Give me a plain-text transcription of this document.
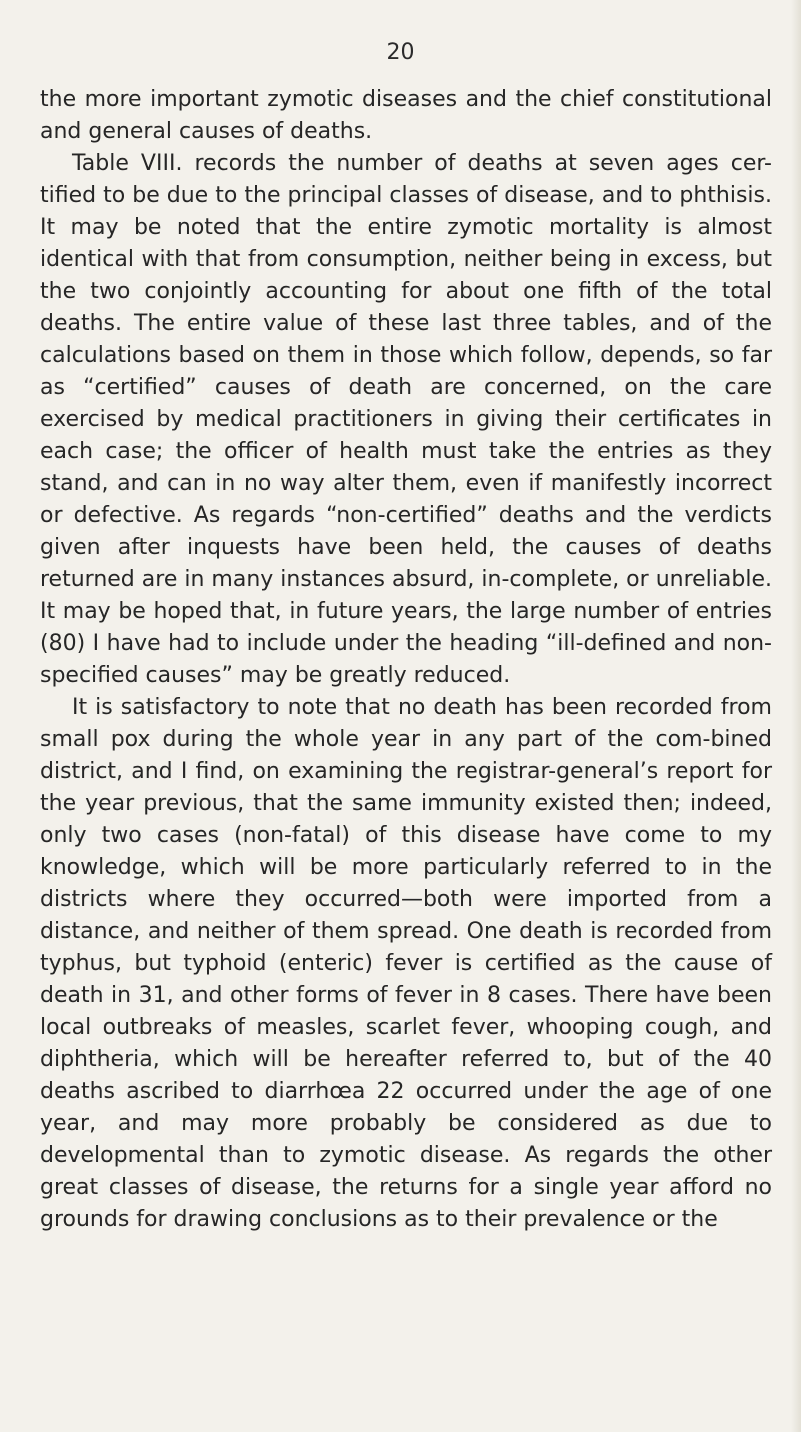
20

the more important zymotic diseases and the chief constitutional and general causes of deaths.

Table VIII. records the number of deaths at seven ages cer-tified to be due to the principal classes of disease, and to phthisis. It may be noted that the entire zymotic mortality is almost identical with that from consumption, neither being in excess, but the two conjointly accounting for about one fifth of the total deaths. The entire value of these last three tables, and of the calculations based on them in those which follow, depends, so far as “certified” causes of death are concerned, on the care exercised by medical practitioners in giving their certificates in each case; the officer of health must take the entries as they stand, and can in no way alter them, even if manifestly incorrect or defective. As regards “non-certified” deaths and the verdicts given after inquests have been held, the causes of deaths returned are in many instances absurd, in-complete, or unreliable. It may be hoped that, in future years, the large number of entries (80) I have had to include under the heading “ill-defined and non-specified causes” may be greatly reduced.

It is satisfactory to note that no death has been recorded from small pox during the whole year in any part of the com-bined district, and I find, on examining the registrar-general’s report for the year previous, that the same immunity existed then; indeed, only two cases (non-fatal) of this disease have come to my knowledge, which will be more particularly referred to in the districts where they occurred—both were imported from a distance, and neither of them spread. One death is recorded from typhus, but typhoid (enteric) fever is certified as the cause of death in 31, and other forms of fever in 8 cases. There have been local outbreaks of measles, scarlet fever, whooping cough, and diphtheria, which will be hereafter referred to, but of the 40 deaths ascribed to diarrhœa 22 occurred under the age of one year, and may more probably be considered as due to developmental than to zymotic disease. As regards the other great classes of disease, the returns for a single year afford no grounds for drawing conclusions as to their prevalence or the
